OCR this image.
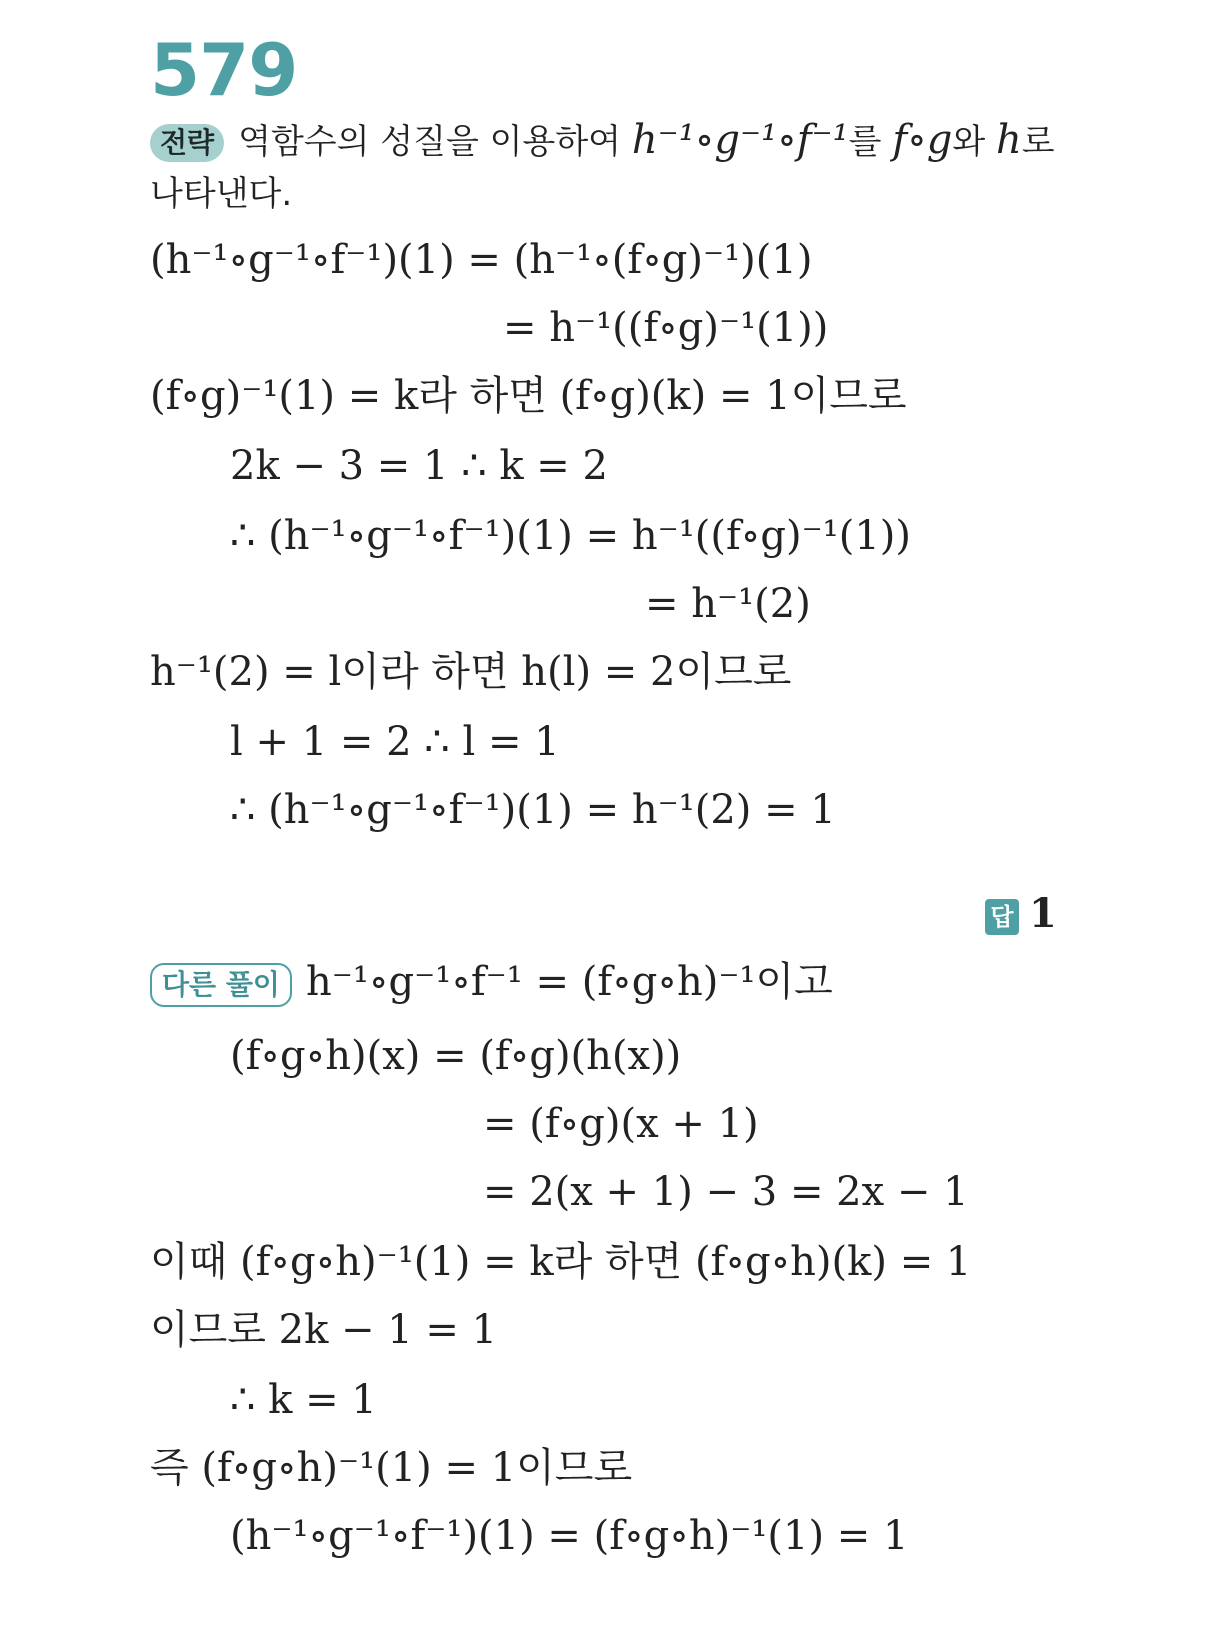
579
전략 역함수의 성질을 이용하여 h⁻¹∘g⁻¹∘f⁻¹를 f∘g와 h로
나타낸다.
(h⁻¹∘g⁻¹∘f⁻¹)(1) = (h⁻¹∘(f∘g)⁻¹)(1)
= h⁻¹((f∘g)⁻¹(1))
(f∘g)⁻¹(1) = k라 하면 (f∘g)(k) = 1이므로
2k − 3 = 1 ∴ k = 2
∴ (h⁻¹∘g⁻¹∘f⁻¹)(1) = h⁻¹((f∘g)⁻¹(1))
= h⁻¹(2)
h⁻¹(2) = l이라 하면 h(l) = 2이므로
l + 1 = 2 ∴ l = 1
∴ (h⁻¹∘g⁻¹∘f⁻¹)(1) = h⁻¹(2) = 1
답 1
다른 풀이 h⁻¹∘g⁻¹∘f⁻¹ = (f∘g∘h)⁻¹이고
(f∘g∘h)(x) = (f∘g)(h(x))
= (f∘g)(x + 1)
= 2(x + 1) − 3 = 2x − 1
이때 (f∘g∘h)⁻¹(1) = k라 하면 (f∘g∘h)(k) = 1
이므로 2k − 1 = 1
∴ k = 1
즉 (f∘g∘h)⁻¹(1) = 1이므로
(h⁻¹∘g⁻¹∘f⁻¹)(1) = (f∘g∘h)⁻¹(1) = 1
